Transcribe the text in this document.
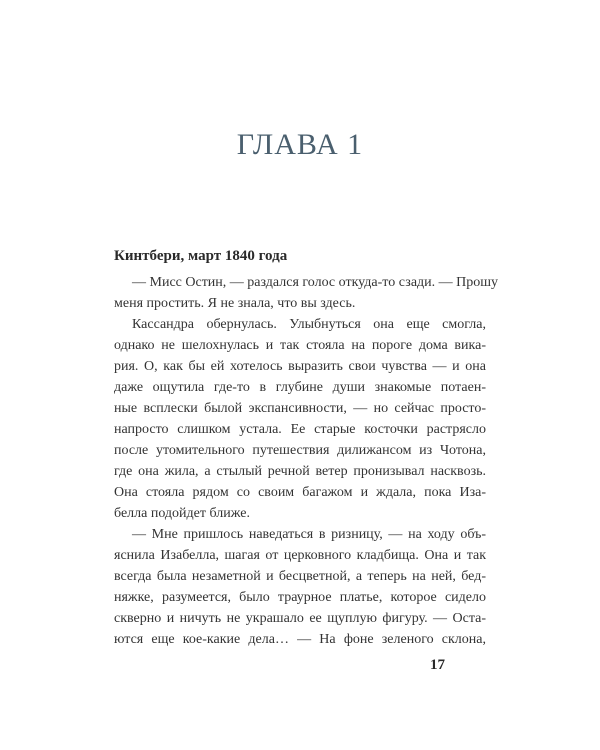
ГЛАВА 1
Кинтбери, март 1840 года

— Мисс Остин, — раздался голос откуда-то сзади. — Прошу
меня простить. Я не знала, что вы здесь.

Кассандра обернулась. Улыбнуться она еще смогла,
однако не шелохнулась и так стояла на пороге дома вика-
рия. О, как бы ей хотелось выразить свои чувства — и она
даже ощутила где-то в глубине души знакомые потаен-
ные всплески былой экспансивности, — но сейчас просто-
напросто слишком устала. Ее старые косточки растрясло
после утомительного путешествия дилижансом из Чотона,
где она жила, а стылый речной ветер пронизывал насквозь.
Она стояла рядом со своим багажом и ждала, пока Иза-
белла подойдет ближе.

— Мне пришлось наведаться в ризницу, — на ходу объ-
яснила Изабелла, шагая от церковного кладбища. Она и так
всегда была незаметной и бесцветной, а теперь на ней, бед-
няжке, разумеется, было траурное платье, которое сидело
скверно и ничуть не украшало ее щуплую фигуру. — Оста-
ются еще кое-какие дела… — На фоне зеленого склона,

17
